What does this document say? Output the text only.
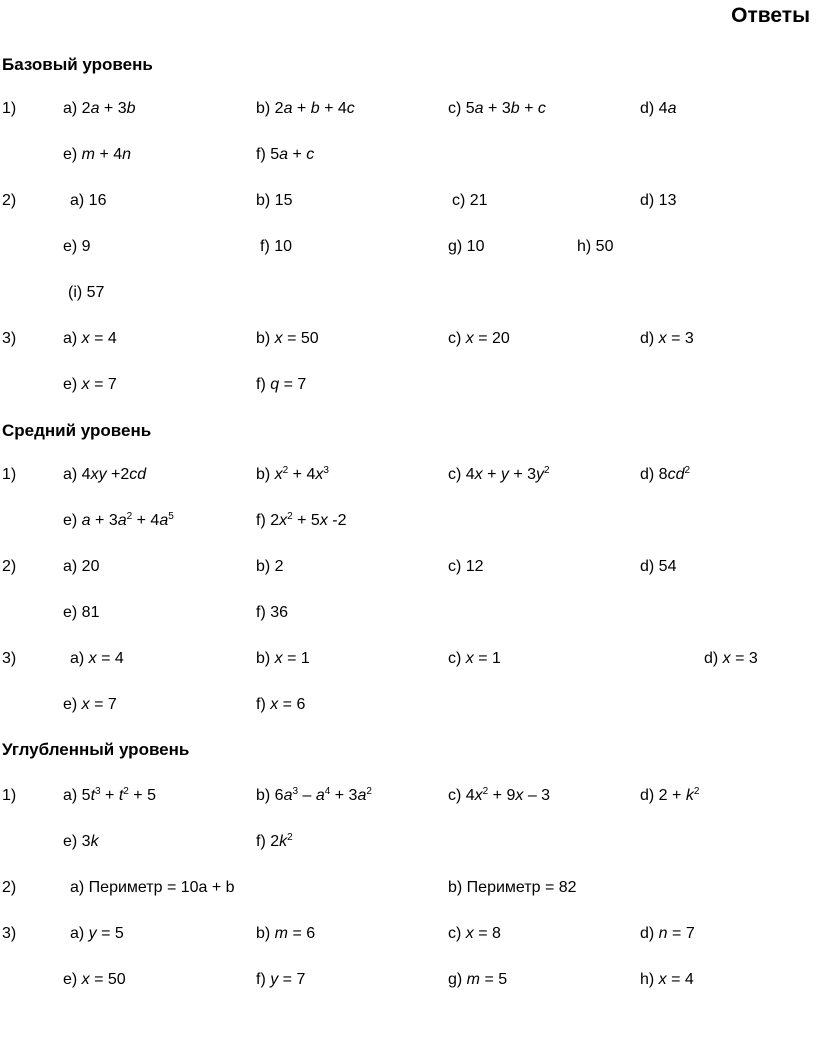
Ответы
Базовый уровень
1)	a) 2a + 3b	b) 2a + b + 4c	c) 5a + 3b + c	d) 4a
e) m + 4n	f) 5a + c
2)	a) 16	b) 15	c) 21	d) 13
e) 9	f) 10	g) 10	h) 50
(i) 57
3)	a) x = 4	b) x = 50	c) x = 20	d) x = 3
e) x = 7	f) q = 7
Средний уровень
1)	a) 4xy +2cd	b) $x^2 + 4x^3$	c) $4x + y + 3y^2$	d) $8cd^2$
e) $a + 3a^2 + 4a^5$	f) $2x^2 + 5x$ -2
2)	a) 20	b) 2	c) 12	d) 54
e) 81	f) 36
3)	a) x = 4	b) x = 1	c) x = 1	d) x = 3
e) x = 7	f) x = 6
Углубленный уровень
1)	a) $5t^3 + t^2 + 5$	b) $6a^3 - a^4 + 3a^2$	c) $4x^2 + 9x - 3$	d) $2 + k^2$
e) 3k	f) $2k^2$
2)	a) Периметр = 10a + b	b) Периметр = 82
3)	a) y = 5	b) m = 6	c) x = 8	d) n = 7
e) x = 50	f) y = 7	g) m = 5	h) x = 4
